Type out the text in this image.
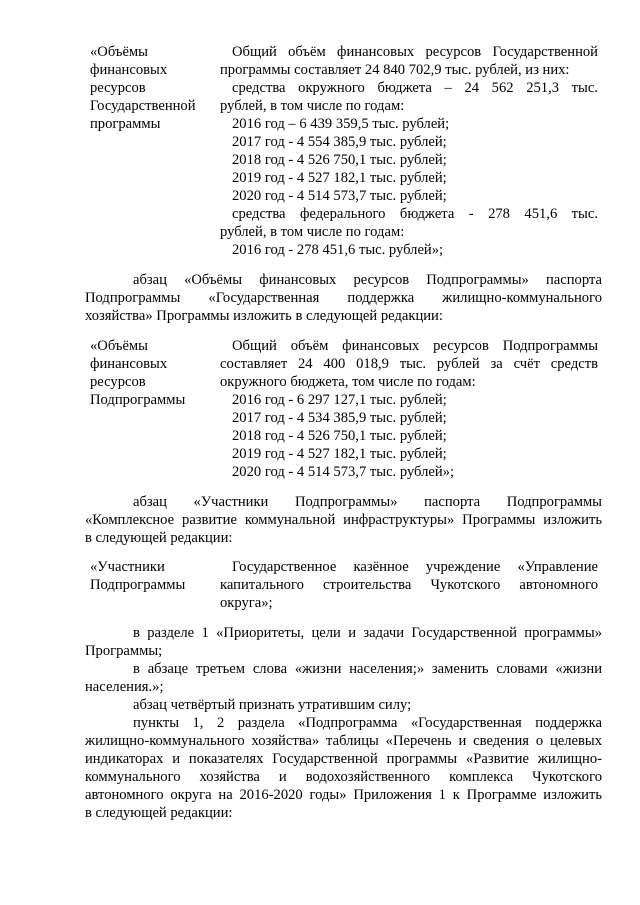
«Объёмы
финансовых
ресурсов
Государственной
программы
Общий объём финансовых ресурсов Государственной
программы составляет 24 840 702,9 тыс. рублей, из них:
средства окружного бюджета – 24 562 251,3 тыс.
рублей, в том числе по годам:
2016 год – 6 439 359,5 тыс. рублей;
2017 год - 4 554 385,9 тыс. рублей;
2018 год - 4 526 750,1 тыс. рублей;
2019 год - 4 527 182,1 тыс. рублей;
2020 год - 4 514 573,7 тыс. рублей;
средства федерального бюджета - 278 451,6 тыс.
рублей, в том числе по годам:
2016 год - 278 451,6 тыс. рублей»;
абзац «Объёмы финансовых ресурсов Подпрограммы» паспорта
Подпрограммы «Государственная поддержка жилищно-коммунального
хозяйства» Программы изложить в следующей редакции:
«Объёмы
финансовых
ресурсов
Подпрограммы
Общий объём финансовых ресурсов Подпрограммы
составляет 24 400 018,9 тыс. рублей за счёт средств
окружного бюджета, том числе по годам:
2016 год - 6 297 127,1 тыс. рублей;
2017 год - 4 534 385,9 тыс. рублей;
2018 год - 4 526 750,1 тыс. рублей;
2019 год - 4 527 182,1 тыс. рублей;
2020 год - 4 514 573,7 тыс. рублей»;
абзац «Участники Подпрограммы» паспорта Подпрограммы
«Комплексное развитие коммунальной инфраструктуры» Программы изложить
в следующей редакции:
«Участники
Подпрограммы
Государственное казённое учреждение «Управление
капитального строительства Чукотского автономного
округа»;
в разделе 1 «Приоритеты, цели и задачи Государственной программы»
Программы;
в абзаце третьем слова «жизни населения;» заменить словами «жизни
населения.»;
абзац четвёртый признать утратившим силу;
пункты 1, 2 раздела «Подпрограмма «Государственная поддержка
жилищно-коммунального хозяйства» таблицы «Перечень и сведения о целевых
индикаторах и показателях Государственной программы «Развитие жилищно-
коммунального хозяйства и водохозяйственного комплекса Чукотского
автономного округа на 2016-2020 годы» Приложения 1 к Программе изложить
в следующей редакции:
